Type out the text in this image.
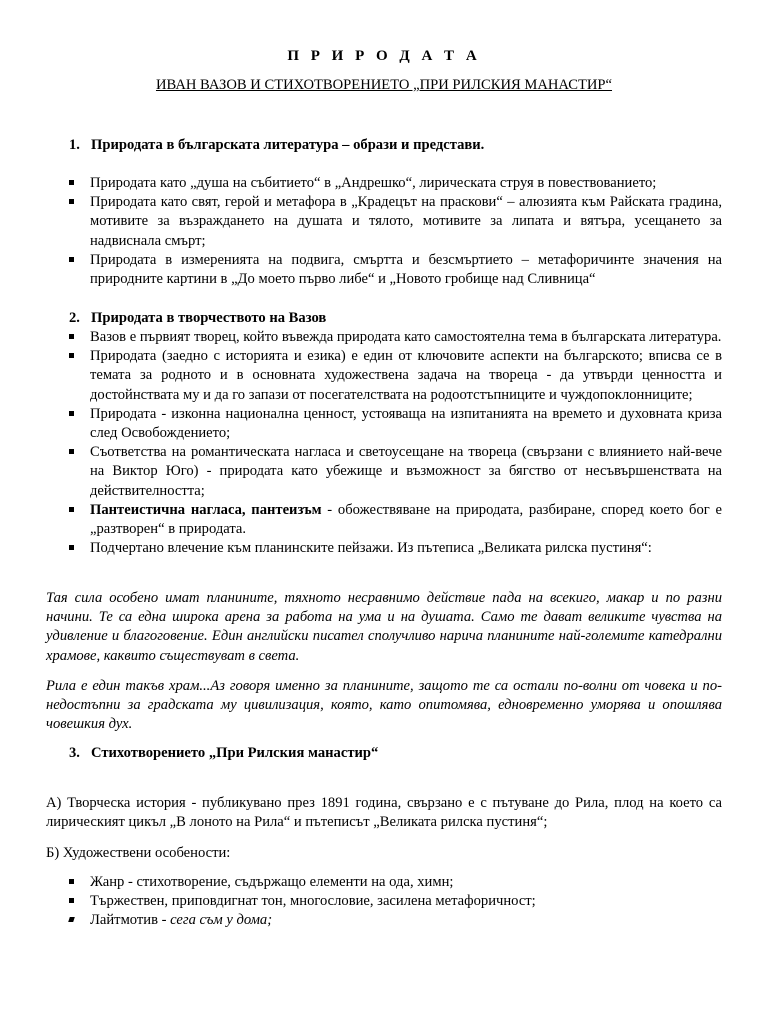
П Р И Р О Д А Т А
ИВАН ВАЗОВ И СТИХОТВОРЕНИЕТО „ПРИ РИЛСКИЯ МАНАСТИР“
1. Природата в българската литература – образи и представи.
Природата като „душа на събитието“ в „Андрешко“, лирическата струя в повествованието;
Природата като свят, герой и метафора в „Крадецът на праскови“ – алюзията към Райската градина, мотивите за възраждането на душата и тялото, мотивите за липата и вятъра, усещането за надвиснала смърт;
Природата в измеренията на подвига, смъртта и безсмъртието – метафоричинте значения на природните картини в „До моето първо либе“ и „Новото гробище над Сливница“
2. Природата в творчеството на Вазов
Вазов е първият творец, който въвежда природата като самостоятелна тема в българската литература.
Природата (заедно с историята и езика) е един от ключовите аспекти на българското; вписва се в темата за родното и в основната художествена задача на твореца - да утвърди ценността и достойнствата му и да го запази от посегателствата на родоотстъпниците и чуждопоклонниците;
Природата - изконна национална ценност, устояваща на изпитанията на времето и духовната криза след Освобождението;
Съответства на романтическата нагласа и светоусещане на твореца (свързани с влиянието най-вече на Виктор Юго) - природата като убежище и възможност за бягство от несъвършенствата на действителността;
Пантеистична нагласа, пантеизъм - обожествяване на природата, разбиране, според което бог е „разтворен“ в природата.
Подчертано влечение към планинските пейзажи. Из пътеписа „Великата рилска пустиня“:
Тая сила особено имат планините, тяхното несравнимо действие пада на всекиго, макар и по разни начини. Те са една широка арена за работа на ума и на душата. Само те дават великите чувства на удивление и благоговение. Един английски писател сполучливо нарича планините най-големите катедрални храмове, каквито съществуват в света.
Рила е един такъв храм...Аз говоря именно за планините, защото те са остали по-волни от човека и по-недостъпни за градската му цивилизация, която, като опитомява, едновременно уморява и опошлява човешкия дух.
3. Стихотворението „При Рилския манастир“
А) Творческа история - публикувано през 1891 година, свързано е с пътуване до Рила, плод на което са лирическият цикъл „В лоното на Рила“ и пътеписът „Великата рилска пустиня“;
Б) Художествени особености:
Жанр - стихотворение, съдържащо елементи на ода, химн;
Тържествен, приповдигнат тон, многословие, засилена метафоричност;
Лайтмотив - сега съм у дома;
